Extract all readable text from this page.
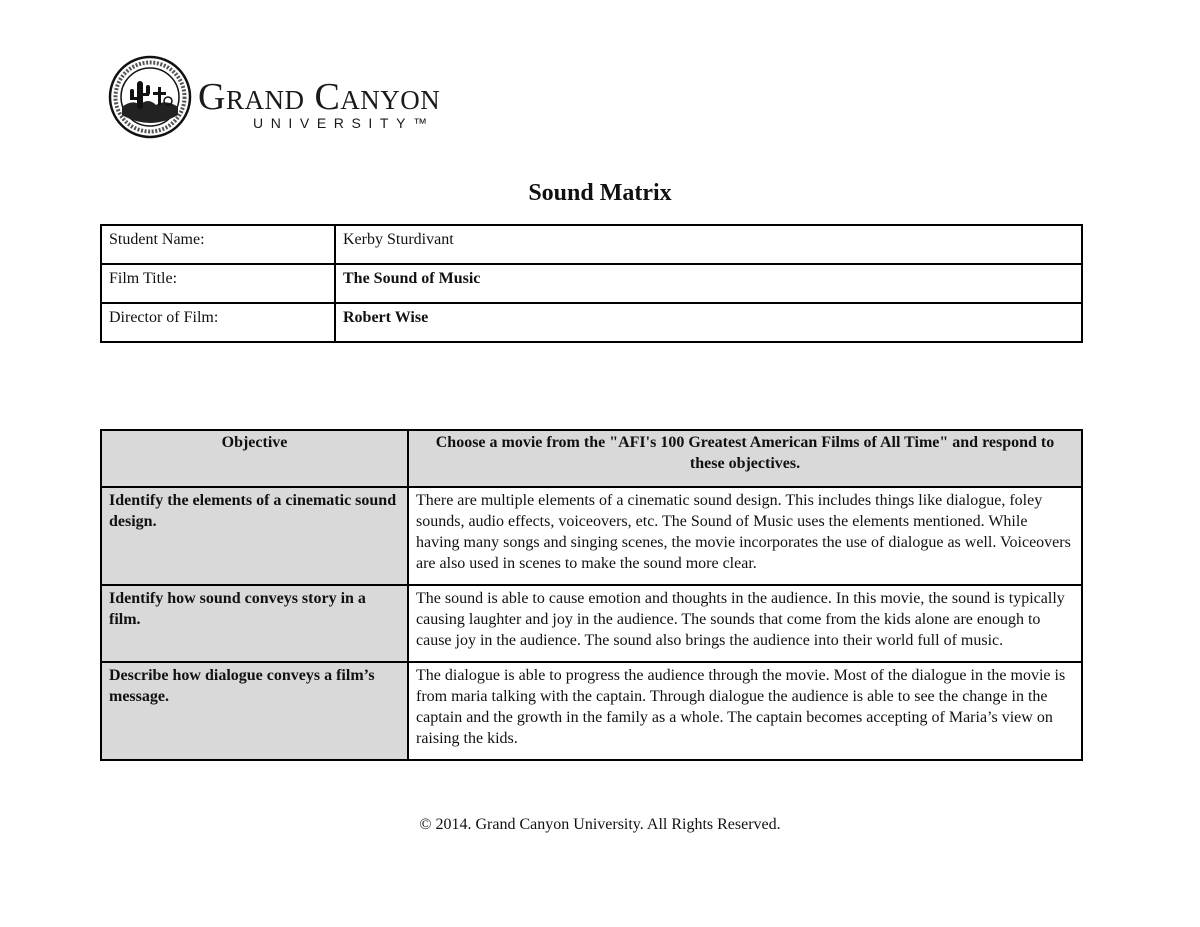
Grand Canyon
UNIVERSITY™
Sound Matrix
Student Name:	Kerby Sturdivant
Film Title:	The Sound of Music
Director of Film:	Robert Wise
Objective	Choose a movie from the "AFI's 100 Greatest American Films of All Time" and respond to these objectives.
Identify the elements of a cinematic sound design.	There are multiple elements of a cinematic sound design. This includes things like dialogue, foley sounds, audio effects, voiceovers, etc. The Sound of Music uses the elements mentioned. While having many songs and singing scenes, the movie incorporates the use of dialogue as well. Voiceovers are also used in scenes to make the sound more clear.
Identify how sound conveys story in a film.	The sound is able to cause emotion and thoughts in the audience. In this movie, the sound is typically causing laughter and joy in the audience. The sounds that come from the kids alone are enough to cause joy in the audience. The sound also brings the audience into their world full of music.
Describe how dialogue conveys a film’s message.	The dialogue is able to progress the audience through the movie. Most of the dialogue in the movie is from maria talking with the captain. Through dialogue the audience is able to see the change in the captain and the growth in the family as a whole. The captain becomes accepting of Maria’s view on raising the kids.
© 2014. Grand Canyon University. All Rights Reserved.
